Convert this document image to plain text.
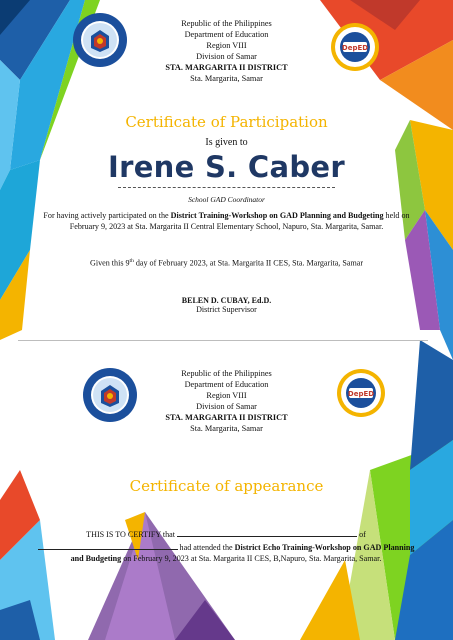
Republic of the Philippines
Department of Education
Region VIII
Division of Samar
STA. MARGARITA II DISTRICT
Sta. Margarita, Samar
DepED
Certificate of Participation
Is given to
Irene S. Caber
School GAD Coordinator
For having actively participated on the District Training-Workshop on GAD Planning and Budgeting held on February 9, 2023 at Sta. Margarita II Central Elementary School, Napuro, Sta. Margarita, Samar.
Given this 9th day of February 2023, at Sta. Margarita II CES, Sta. Margarita, Samar
BELEN D. CUBAY, Ed.D.
District Supervisor
Republic of the Philippines
Department of Education
Region VIII
Division of Samar
STA. MARGARITA II DISTRICT
Sta. Margarita, Samar
DepED
Certificate of appearance
THIS IS TO CERTIFY that	of
had attended the District Echo Training-Workshop on GAD Planning and Budgeting on February 9, 2023 at Sta. Margarita II CES, B,Napuro, Sta. Margarita, Samar.
